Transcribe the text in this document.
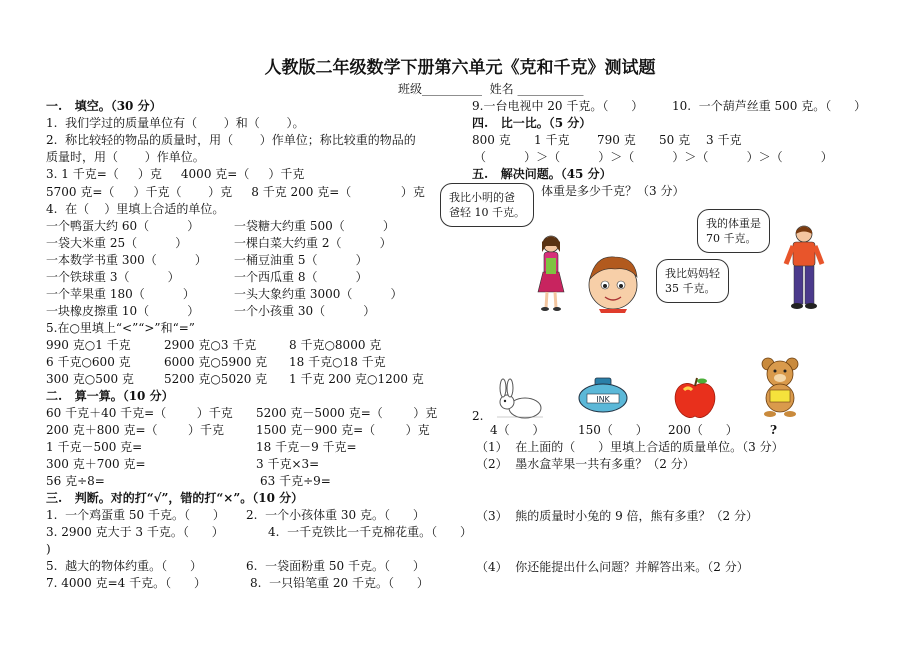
人教版二年级数学下册第六单元《克和千克》测试题
班级__________  姓名 ___________
一.   填空。（30 分）
1.  我们学过的质量单位有（       ）和（       ）。
2.  称比较轻的物品的质量时，用（       ）作单位；称比较重的物品的
质量时，用（       ）作单位。
3. 1 千克=（     ）克     4000 克=（     ）千克
5700 克=（     ）千克（       ）克     8 千克 200 克=（             ）克
4.  在（    ）里填上合适的单位。
一个鸭蛋大约 60（          ）	一袋糖大约重 500（          ）
一袋大米重 25（          ）	一棵白菜大约重 2（          ）
一本数学书重 300（          ） 一桶豆油重 5（          ）
一个铁球重 3（          ）	一个西瓜重 8（          ）
一个苹果重 180（          ）	一头大象约重 3000（          ）
一块橡皮擦重 10（          ）	一个小孩重 30（          ）
5.在○里填上“<”“>”和“=”
990 克○1 千克	2900 克○3 千克	8 千克○8000 克
6 千克○600 克	6000 克○5900 克 18 千克○18 千克
300 克○500 克	5200 克○5020 克 1 千克 200 克○1200 克
二.   算一算。（10 分）
60 千克＋40 千克=（        ）千克 5200 克－5000 克=（        ）克
200 克＋800 克=（        ）千克	1500 克－900 克=（        ）克
1 千克－500 克=	18 千克－9 千克=
300 克＋700 克=	3 千克×3=
56 克÷8=	63 千克÷9=
三.   判断。对的打“√”，错的打“×”。（10 分）
1.  一个鸡蛋重 50 千克。（      ） 2.  一个小孩体重 30 克。（      ）
3. 2900 克大于 3 千克。（      ）	4.  一千克铁比一千克棉花重。（      ）
)
5.  越大的物体约重。（      ）	6.  一袋面粉重 50 千克。（      ）
7. 4000 克=4 千克。（      ）	8.  一只铅笔重 20 千克。（      ）
9.一台电视中 20 千克。（      ） 10.  一个葫芦丝重 500 克。（      ）
四.   比一比。（5 分）
800 克 1 千克 790 克 50 克 3 千克
（          ）＞（          ）＞（          ）＞（          ）＞（          ）
五.   解决问题。（45 分）
体重是多少千克？（3 分）
我比小明的爸
爸轻 10 千克。
我的体重是
70 千克。
我比妈妈轻
35 千克。
2.
INK
4（      ）	150（      ） 200（      ）	?
（1）  在上面的（      ）里填上合适的质量单位。（3 分）
（2）  墨水盒苹果一共有多重？（2 分）
（3）  熊的质量时小兔的 9 倍，熊有多重？（2 分）
（4）  你还能提出什么问题？并解答出来。（2 分）
